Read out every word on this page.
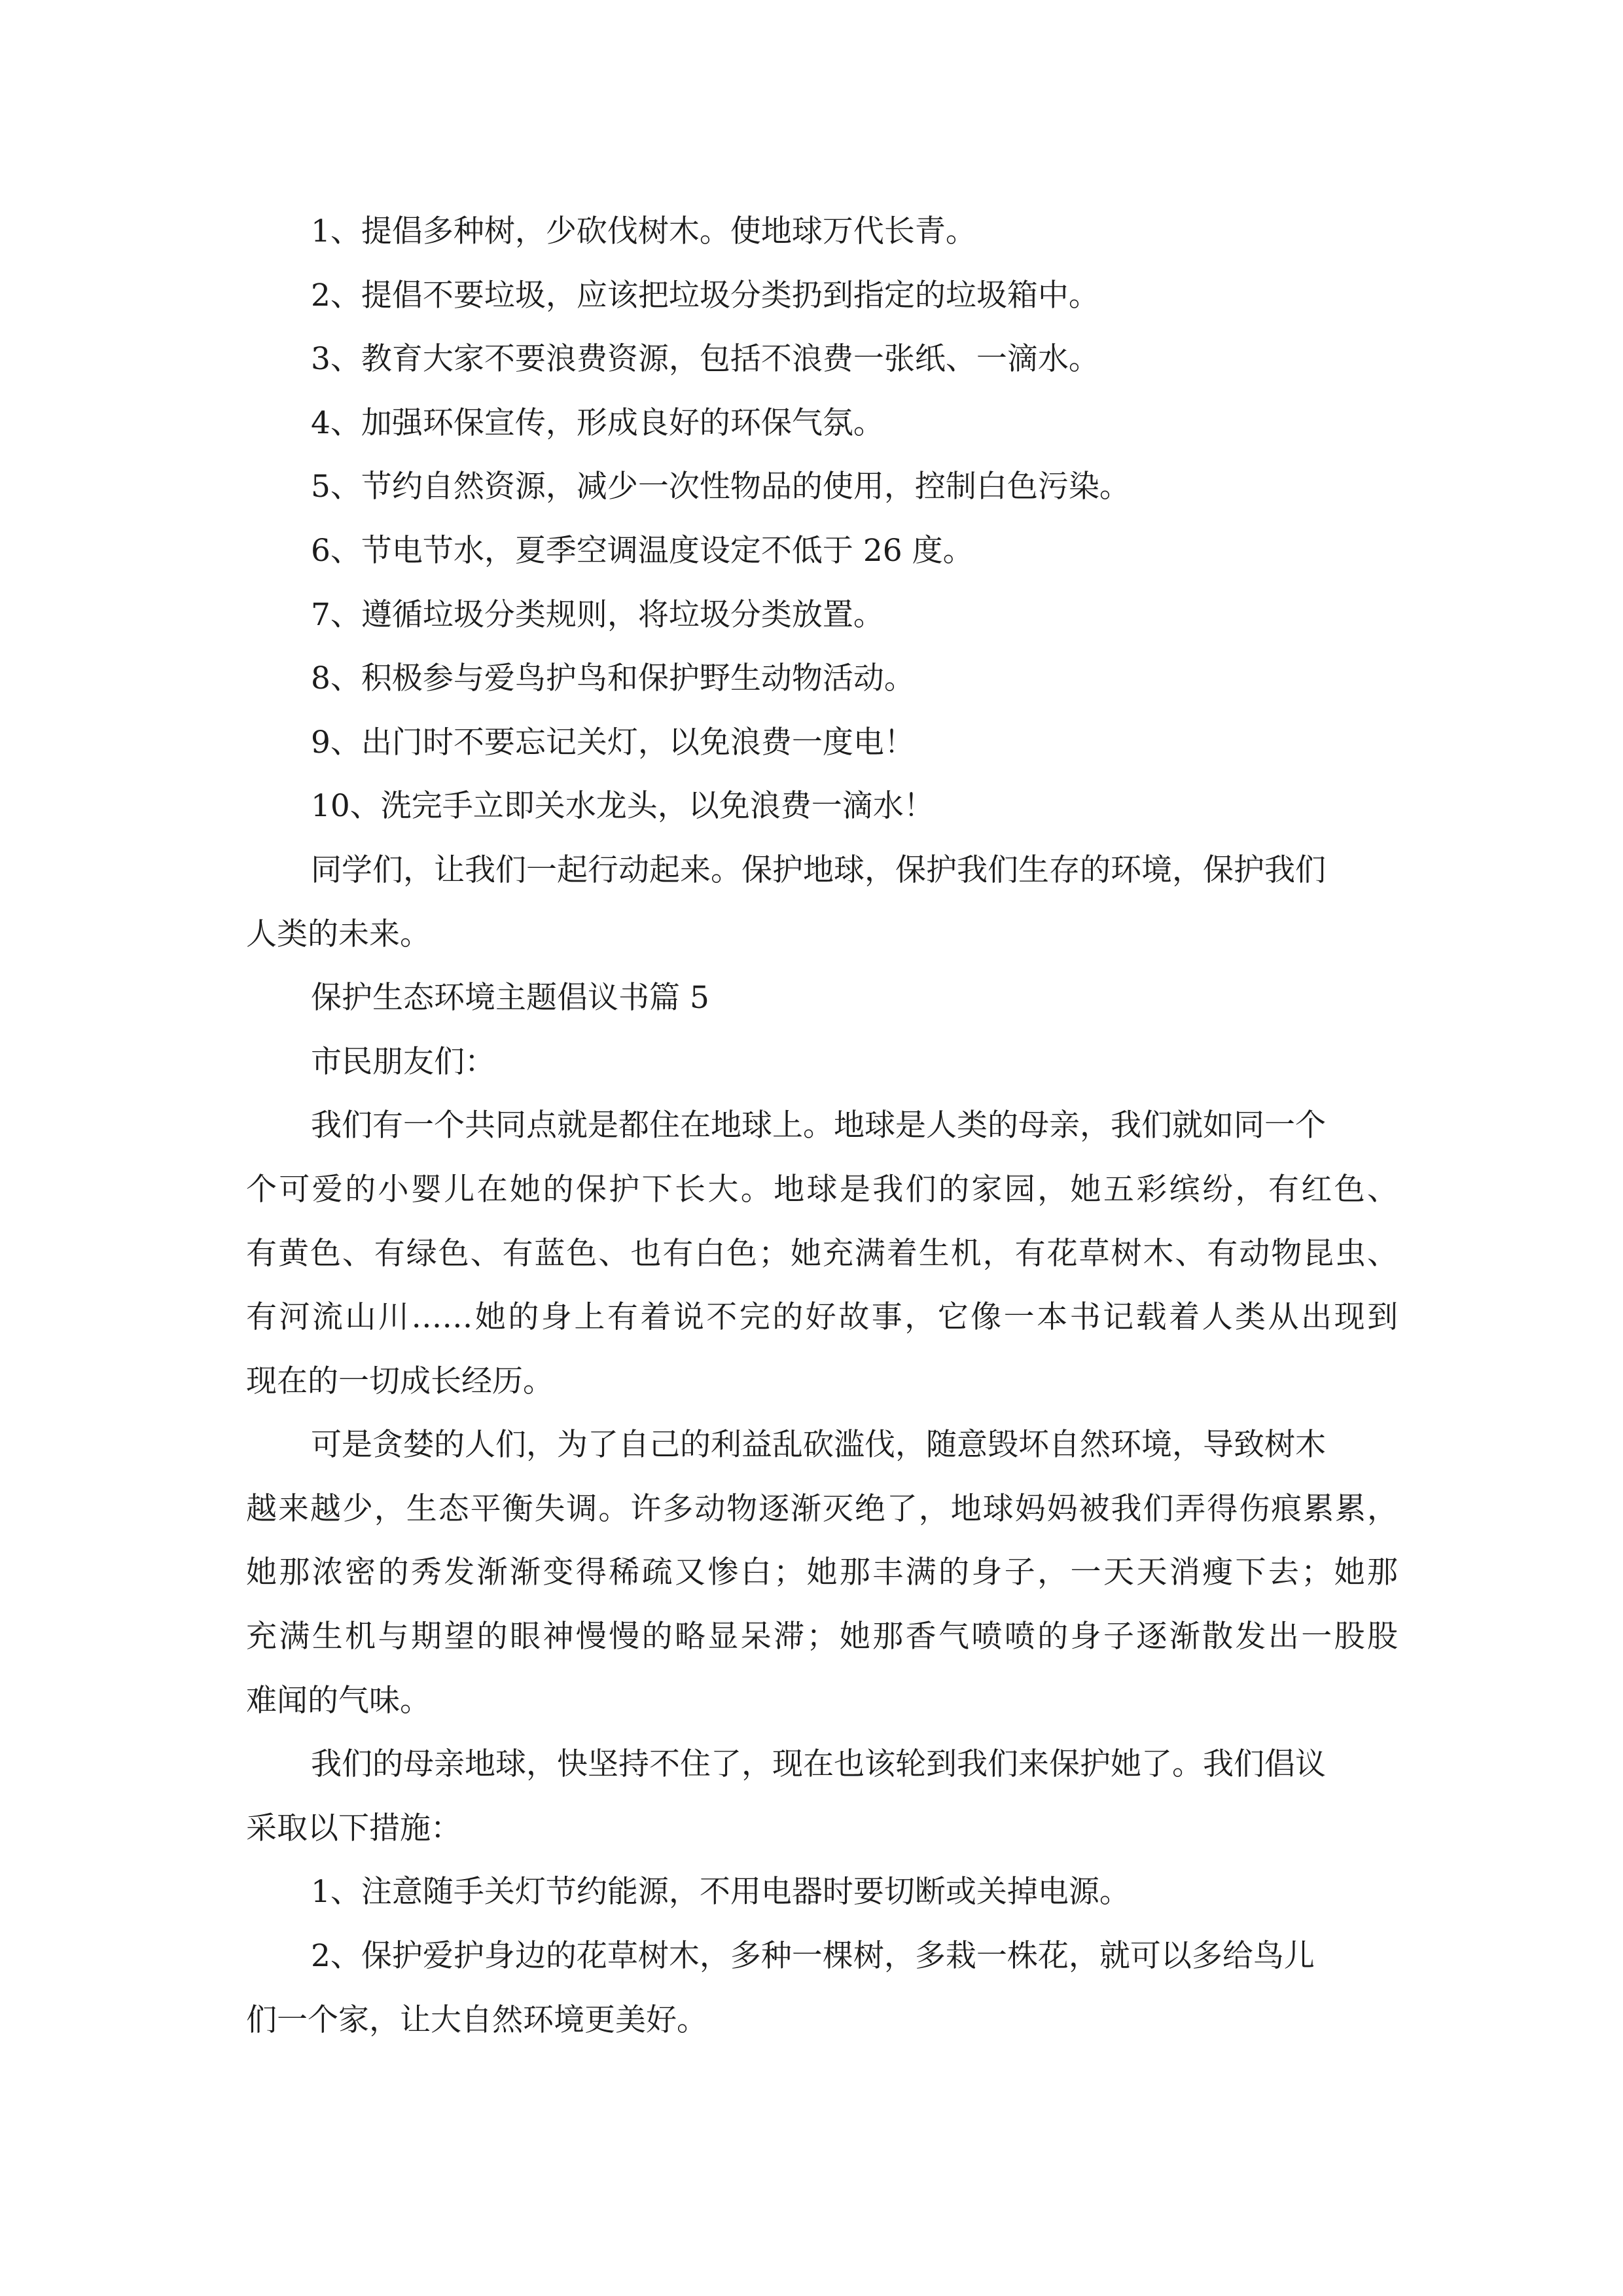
1、提倡多种树，少砍伐树木。使地球万代长青。
2、提倡不要垃圾，应该把垃圾分类扔到指定的垃圾箱中。
3、教育大家不要浪费资源，包括不浪费一张纸、一滴水。
4、加强环保宣传，形成良好的环保气氛。
5、节约自然资源，减少一次性物品的使用，控制白色污染。
6、节电节水，夏季空调温度设定不低于 26 度。
7、遵循垃圾分类规则，将垃圾分类放置。
8、积极参与爱鸟护鸟和保护野生动物活动。
9、出门时不要忘记关灯，以免浪费一度电！
10、洗完手立即关水龙头，以免浪费一滴水！
同学们，让我们一起行动起来。保护地球，保护我们生存的环境，保护我们
人类的未来。
保护生态环境主题倡议书篇 5
市民朋友们：
我们有一个共同点就是都住在地球上。地球是人类的母亲，我们就如同一个
个可爱的小婴儿在她的保护下长大。地球是我们的家园，她五彩缤纷，有红色、
有黄色、有绿色、有蓝色、也有白色；她充满着生机，有花草树木、有动物昆虫、
有河流山川……她的身上有着说不完的好故事，它像一本书记载着人类从出现到
现在的一切成长经历。
可是贪婪的人们，为了自己的利益乱砍滥伐，随意毁坏自然环境，导致树木
越来越少，生态平衡失调。许多动物逐渐灭绝了，地球妈妈被我们弄得伤痕累累，
她那浓密的秀发渐渐变得稀疏又惨白；她那丰满的身子，一天天消瘦下去；她那
充满生机与期望的眼神慢慢的略显呆滞；她那香气喷喷的身子逐渐散发出一股股
难闻的气味。
我们的母亲地球，快坚持不住了，现在也该轮到我们来保护她了。我们倡议
采取以下措施：
1、注意随手关灯节约能源，不用电器时要切断或关掉电源。
2、保护爱护身边的花草树木，多种一棵树，多栽一株花，就可以多给鸟儿
们一个家，让大自然环境更美好。
